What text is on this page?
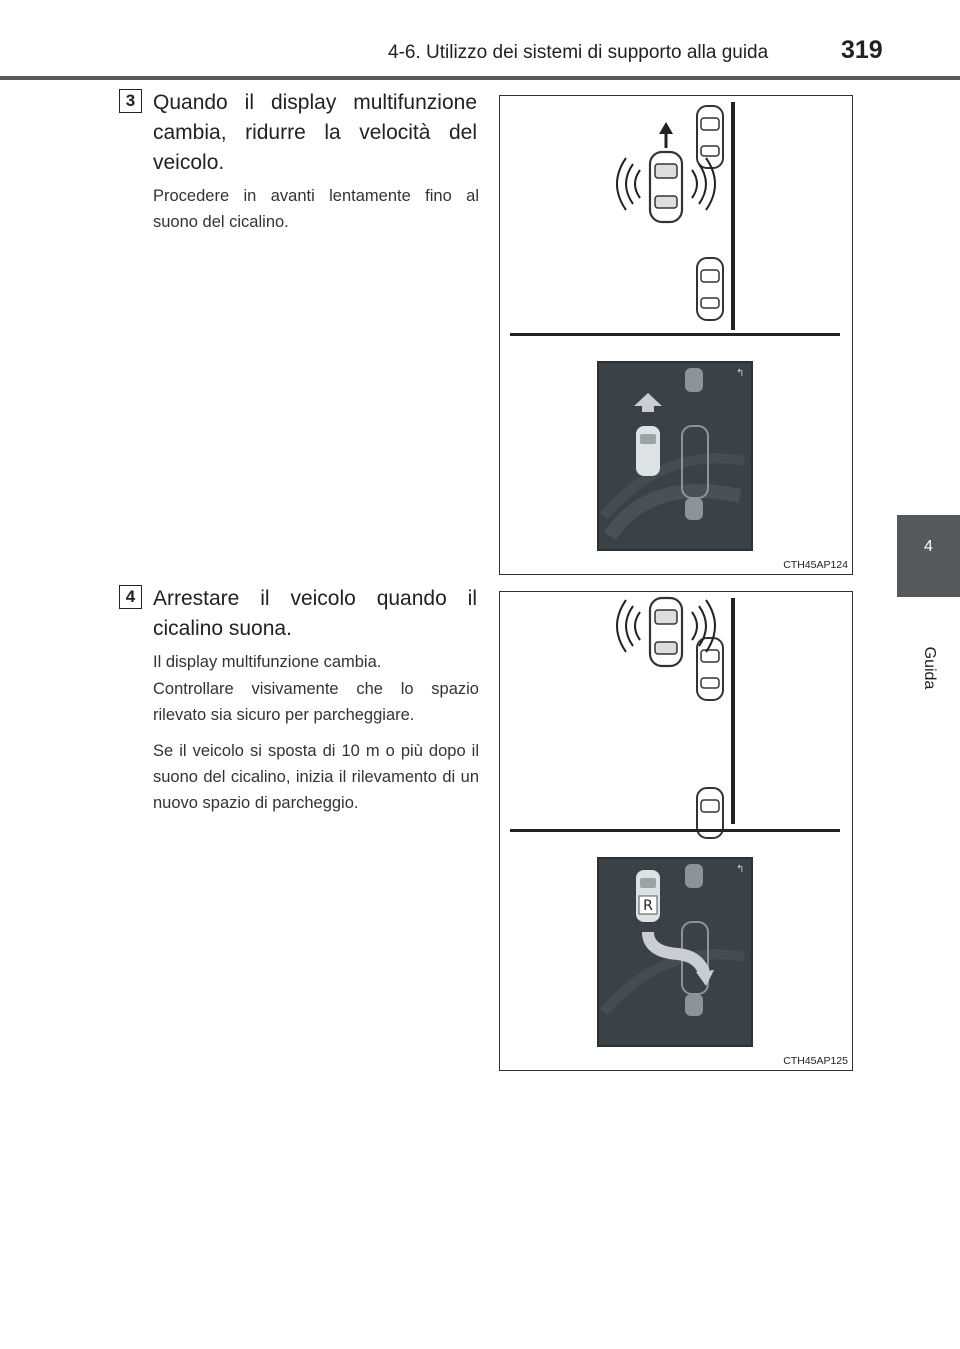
4-6. Utilizzo dei sistemi di supporto alla guida	319
4
Guida
3 Quando il display multifunzione cambia, ridurre la velocità del veicolo.

Procedere in avanti lentamente fino al suono del cicalino.

↰
CTH45AP124
4 Arrestare il veicolo quando il cicalino suona.

Il display multifunzione cambia.

Controllare visivamente che lo spazio rilevato sia sicuro per parcheggiare.

Se il veicolo si sposta di 10 m o più dopo il suono del cicalino, inizia il rilevamento di un nuovo spazio di parcheggio.

R
↰
CTH45AP125
